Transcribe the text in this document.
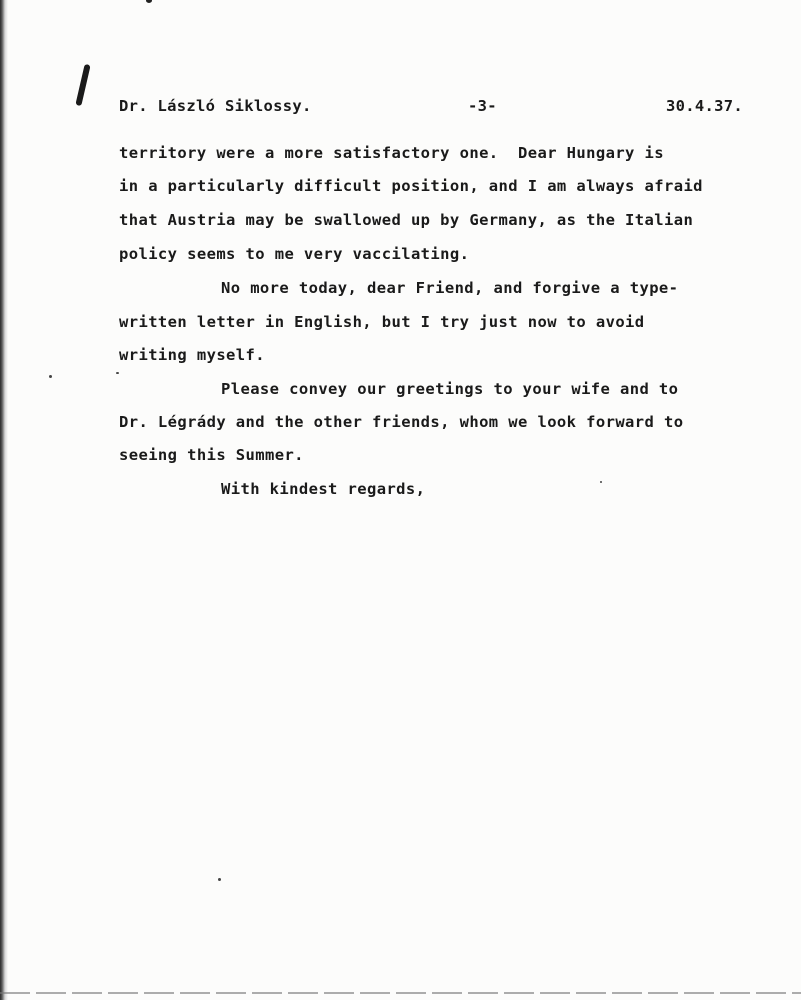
Dr. László Siklossy.	-3-	30.4.37.
territory were a more satisfactory one.  Dear Hungary is
in a particularly difficult position, and I am always afraid
that Austria may be swallowed up by Germany, as the Italian
policy seems to me very vaccilating.
No more today, dear Friend, and forgive a type-
written letter in English, but I try just now to avoid
writing myself.
Please convey our greetings to your wife and to
Dr. Légrády and the other friends, whom we look forward to
seeing this Summer.
With kindest regards,
